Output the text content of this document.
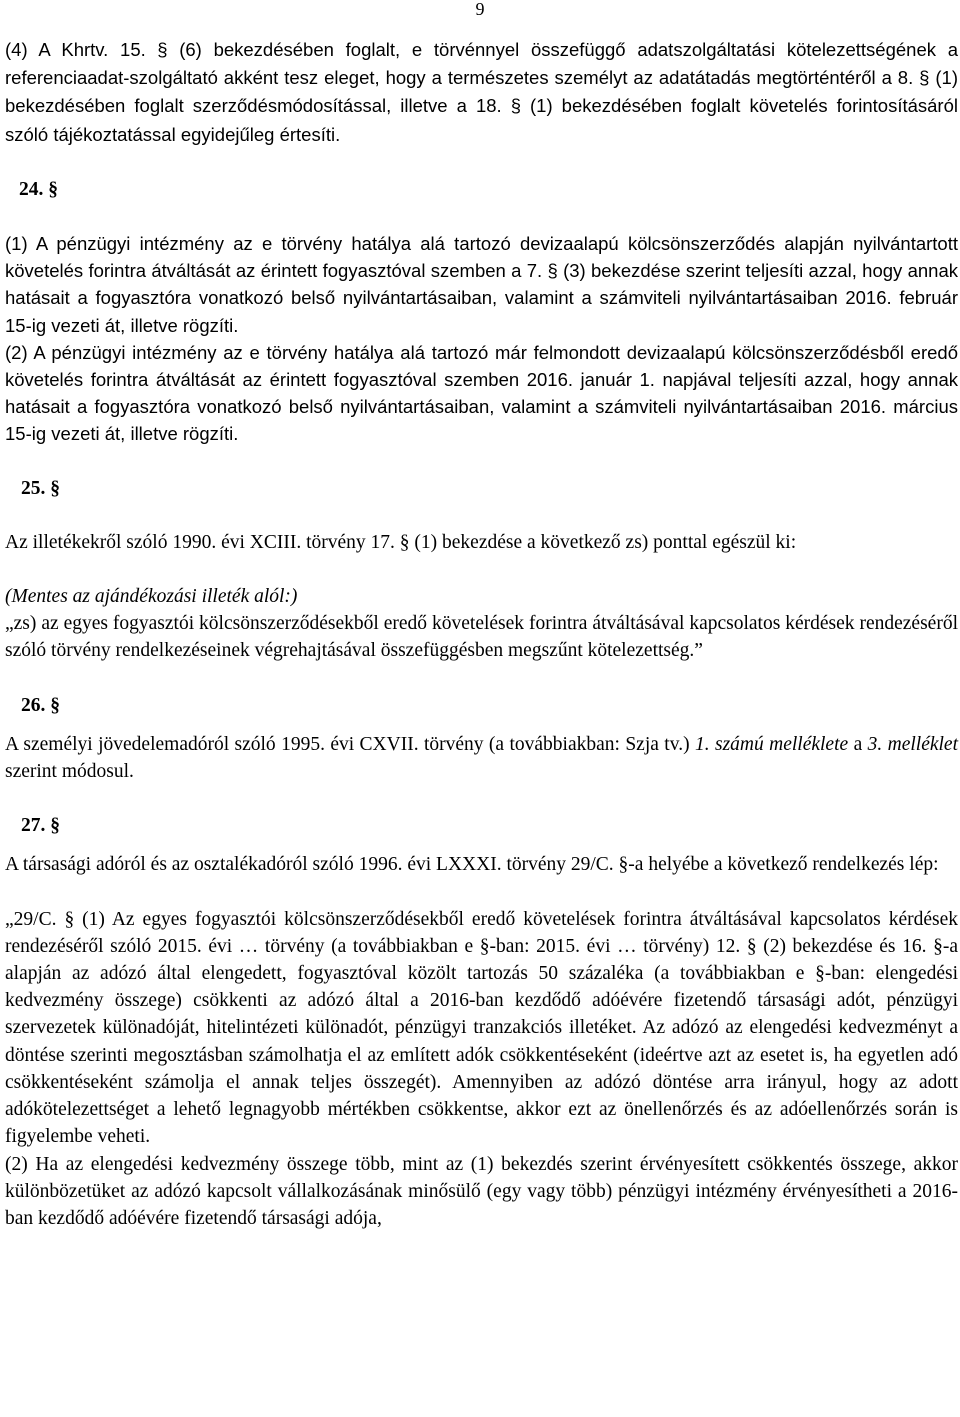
9

(4) A Khrtv. 15. § (6) bekezdésében foglalt, e törvénnyel összefüggő adatszolgáltatási kötelezettségének a referenciaadat-szolgáltató akként tesz eleget, hogy a természetes személyt az adatátadás megtörténtéről a 8. § (1) bekezdésében foglalt szerződésmódosítással, illetve a 18. § (1) bekezdésében foglalt követelés forintosításáról szóló tájékoztatással egyidejűleg értesíti.

24. §

(1) A pénzügyi intézmény az e törvény hatálya alá tartozó devizaalapú kölcsönszerződés alapján nyilvántartott követelés forintra átváltását az érintett fogyasztóval szemben a 7. § (3) bekezdése szerint teljesíti azzal, hogy annak hatásait a fogyasztóra vonatkozó belső nyilvántartásaiban, valamint a számviteli nyilvántartásaiban 2016. február 15-ig vezeti át, illetve rögzíti.

(2) A pénzügyi intézmény az e törvény hatálya alá tartozó már felmondott devizaalapú kölcsönszerződésből eredő követelés forintra átváltását az érintett fogyasztóval szemben 2016. január 1. napjával teljesíti azzal, hogy annak hatásait a fogyasztóra vonatkozó belső nyilvántartásaiban, valamint a számviteli nyilvántartásaiban 2016. március 15-ig vezeti át, illetve rögzíti.

25. §

Az illetékekről szóló 1990. évi XCIII. törvény 17. § (1) bekezdése a következő zs) ponttal egészül ki:

(Mentes az ajándékozási illeték alól:)

„zs) az egyes fogyasztói kölcsönszerződésekből eredő követelések forintra átváltásával kapcsolatos kérdések rendezéséről szóló törvény rendelkezéseinek végrehajtásával összefüggésben megszűnt kötelezettség.”

26. §

A személyi jövedelemadóról szóló 1995. évi CXVII. törvény (a továbbiakban: Szja tv.) 1. számú melléklete a 3. melléklet szerint módosul.

27. §

A társasági adóról és az osztalékadóról szóló 1996. évi LXXXI. törvény 29/C. §-a helyébe a következő rendelkezés lép:

„29/C. § (1) Az egyes fogyasztói kölcsönszerződésekből eredő követelések forintra átváltásával kapcsolatos kérdések rendezéséről szóló 2015. évi … törvény (a továbbiakban e §-ban: 2015. évi … törvény) 12. § (2) bekezdése és 16. §-a alapján az adózó által elengedett, fogyasztóval közölt tartozás 50 százaléka (a továbbiakban e §-ban: elengedési kedvezmény összege) csökkenti az adózó által a 2016-ban kezdődő adóévére fizetendő társasági adót, pénzügyi szervezetek különadóját, hitelintézeti különadót, pénzügyi tranzakciós illetéket. Az adózó az elengedési kedvezményt a döntése szerinti megosztásban számolhatja el az említett adók csökkentéseként (ideértve azt az esetet is, ha egyetlen adó csökkentéseként számolja el annak teljes összegét). Amennyiben az adózó döntése arra irányul, hogy az adott adókötelezettséget a lehető legnagyobb mértékben csökkentse, akkor ezt az önellenőrzés és az adóellenőrzés során is figyelembe veheti.

(2) Ha az elengedési kedvezmény összege több, mint az (1) bekezdés szerint érvényesített csökkentés összege, akkor különbözetüket az adózó kapcsolt vállalkozásának minősülő (egy vagy több) pénzügyi intézmény érvényesítheti a 2016-ban kezdődő adóévére fizetendő társasági adója,
